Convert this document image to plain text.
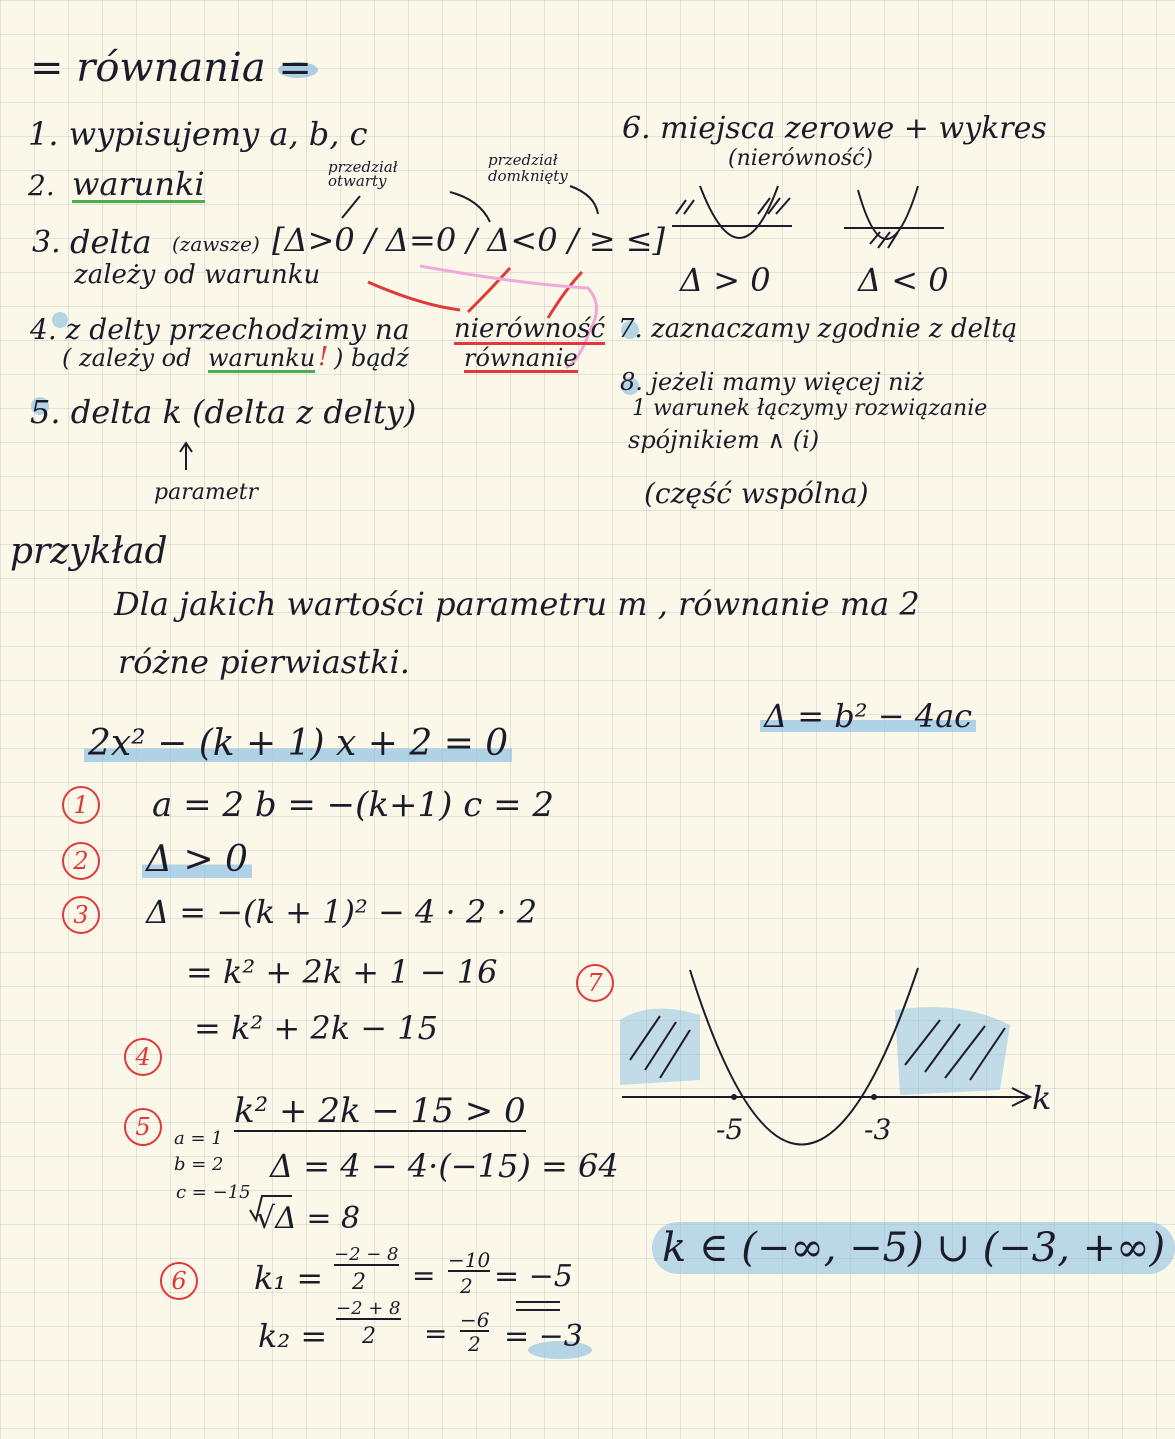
= równania =
1. wypisujemy a, b, c
2. warunki	przedział otwarty
przedział domknięty
3. delta (zawsze) [Δ>0 / Δ=0 / Δ<0 / ≥ ≤]
zależy od warunku
4. z delty przechodzimy na nierówność
( zależy od warunku ! ) bądź równanie
5. delta k (delta z delty)
parametr
6. miejsca zerowe + wykres
(nierówność)
Δ > 0	Δ < 0
7. zaznaczamy zgodnie z deltą
8. jeżeli mamy więcej niż
1 warunek łączymy rozwiązanie
spójnikiem ∧ (i)
(część wspólna)
przykład
Dla jakich wartości parametru m , równanie ma 2
różne pierwiastki.
2x² − (k + 1) x + 2 = 0
Δ = b² − 4ac
1
2
3
4
5
6
7
a = 2 b = −(k+1) c = 2
Δ > 0
Δ = −(k + 1)² − 4 · 2 · 2
= k² + 2k + 1 − 16
= k² + 2k − 15
k² + 2k − 15 > 0
a = 1
b = 2
c = −15
Δ = 4 − 4·(−15) = 64
√Δ = 8
k₁ =
−2 − 8
2 = −10
2 = −5
k₂ =
−2 + 8
2 = −6
2 = −3
k
-5	-3
k ∈ (−∞, −5) ∪ (−3, +∞)
